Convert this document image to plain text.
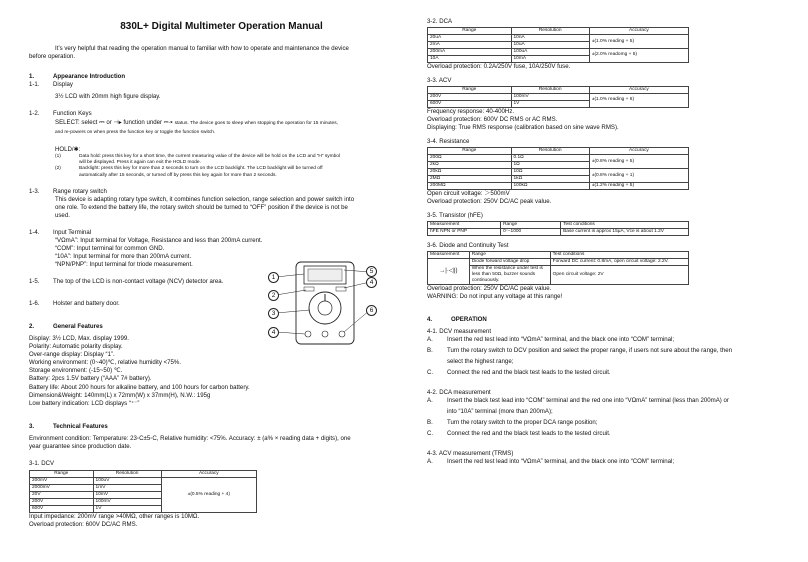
830L+ Digital Multimeter Operation Manual

It’s very helpful that reading the operation manual to familiar with how to operate and maintenance the device
before operation.

1.	Appearance Introduction
1-1. Display

3½ LCD with 20mm high figure display.

1-2. Function Keys

SELECT: select ⎓ or ⊣▸ function under ⎓·▸ status. The device goes to sleep when stopping the operation for 15 minutes,
and re-powers on when press the function key or toggle the function switch.

HOLD/✱:

(1)	Data hold: press this key for a short time, the current measuring value of the device will be hold on the LCD and “H” symbol
will be displayed. Press it again can exit the HOLD mode.
(2)	Backlight: press this key for more than 2 seconds to turn on the LCD backlight. The LCD backlight will be turned off
automatically after 15 seconds, or turned off by press this key again for more than 2 seconds.
1-3. Range rotary switch

This device is adapting rotary type switch, it combines function selection, range selection and power switch into
one role. To extend the battery life, the rotary switch should be turned to “OFF” position if the device is not be
used.

1-4. Input Terminal

“VΩmA”: Input terminal for Voltage, Resistance and less than 200mA current.
“COM”: Input terminal for common GND.
“10A”: Input terminal for more than 200mA current.
“NPN/PNP”: Input terminal for triode measurement.

1-5. The top of the LCD is non-contact voltage (NCV) detector area.
1-6. Holster and battery door.
2.	General Features

Display: 3½ LCD, Max. display 1999.

Polarity: Automatic polarity display.

Over-range display: Display “1”.

Working environment: (0~40)℃, relative humidity <75%.

Storage environment: (-15~50) ℃.

Battery: 2pcs 1.5V battery (“AAA” 7# battery).

Battery life: About 200 hours for alkaline battery, and 100 hours for carbon battery.

Dimension&Weight: 140mm(L) x 72mm(W) x 37mm(H), N.W.: 195g

Low battery indication: LCD displays “⁺⁻”

3.	Technical Features

Environment condition: Temperature: 23◦C±5◦C, Relative humidity: <75%. Accuracy: ± (a% × reading data + digits), one
year guarantee since production date.

3-1. DCV
Range	Resolution	Accuracy
200mV	100uV	±(0.5% reading + 4)
2000mV	1mV	
20V	10mV	
200V	100mV	
600V	1V	

Input impedance: 200mV range >40MΩ, other ranges is 10MΩ.

Overload protection: 600V DC/AC RMS.

1
2
3
4
5
4
6
3-2. DCA
Range	Resolution	Accuracy
20uA	10nA	±(1.0% reading + 5)
2mA	10uA	
200mA	100uA	±(2.0% readomg + 5)
10A	10mA	

Overload protection: 0.2A/250V fuse, 10A/250V fuse.

3-3. ACV
Range	Resolution	Accuracy
200V	100mV	±(1.0% reading + 6)
600V	1V	

Frequency response: 40-400Hz.

Overload protection: 600V DC RMS or AC RMS.

Displaying: True RMS response (calibration based on sine wave RMS).

3-4. Resistance
Range	Resolution	Accuracy
200Ω	0.1Ω	±(0.8% reading + 5)
2kΩ	1Ω	
20kΩ	10Ω	±(0.8% reading + 1)
2MΩ	1kΩ	
200MΩ	100kΩ	±(1.2% reading + 5)

Open circuit voltage: ＞500mV

Overload protection: 250V DC/AC peak value.

3-5. Transistor (hFE)
Measurement	Range	Test conditions
hFE NPN or PNP	0～1000	Base current is approx 15μA, Vce is about 1.2V
3-6. Diode and Continuity Test
Measurement	Range	Test conditions
→|·◁))	Diode forward voltage drop	Forward DC current: 0.8mA, open circuit voltage: 2.2V.
	When the resistance under test is less than 50Ω, buzzer sounds continuously.	Open circuit voltage: 2V

Overload protection: 250V DC/AC peak value.

WARNING: Do not input any voltage at this range!

4.	OPERATION
4-1. DCV measurement
A.	Insert the red test lead into “VΩmA” terminal, and the black one into “COM” terminal;
B.	Turn the rotary switch to DCV position and select the proper range, if users not sure about the range, then
select the highest range;
C.	Connect the red and the black test leads to the tested circuit.
4-2. DCA measurement
A.	Insert the black test lead into “COM” terminal and the red one into “VΩmA” terminal (less than 200mA) or
into “10A” terminal (more than 200mA);
B.	Turn the rotary switch to the proper DCA range position;
C.	Connect the red and the black test leads to the tested circuit.
4-3. ACV measurement (TRMS)
A.	Insert the red test lead into “VΩmA” terminal, and the black one into “COM” terminal;
